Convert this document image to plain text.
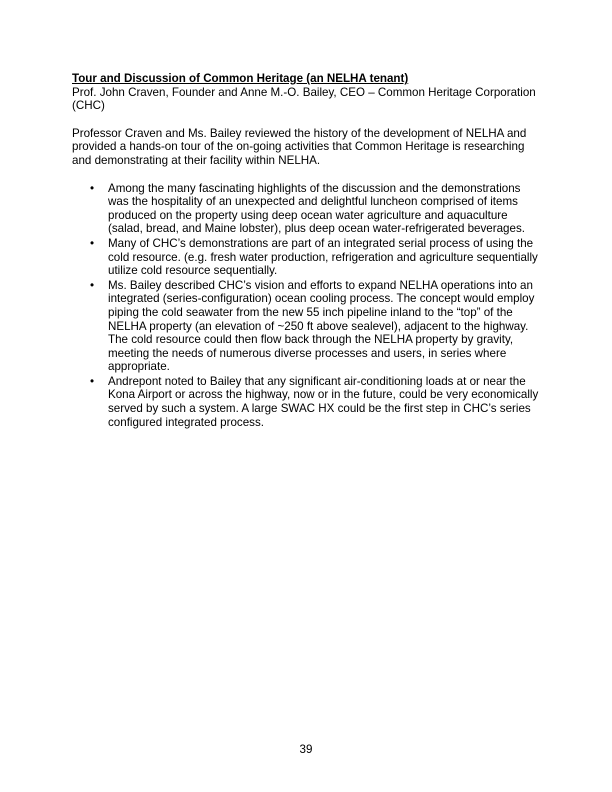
Tour and Discussion of Common Heritage (an NELHA tenant)

Prof. John Craven, Founder and Anne M.-O. Bailey, CEO – Common Heritage Corporation (CHC)

Professor Craven and Ms. Bailey reviewed the history of the development of NELHA and provided a hands-on tour of the on-going activities that Common Heritage is researching and demonstrating at their facility within NELHA.

• Among the many fascinating highlights of the discussion and the demonstrations was the hospitality of an unexpected and delightful luncheon comprised of items produced on the property using deep ocean water agriculture and aquaculture (salad, bread, and Maine lobster), plus deep ocean water-refrigerated beverages.
• Many of CHC’s demonstrations are part of an integrated serial process of using the cold resource. (e.g. fresh water production, refrigeration and agriculture sequentially utilize cold resource sequentially.
• Ms. Bailey described CHC’s vision and efforts to expand NELHA operations into an integrated (series-configuration) ocean cooling process. The concept would employ piping the cold seawater from the new 55 inch pipeline inland to the “top” of the NELHA property (an elevation of ~250 ft above sealevel), adjacent to the highway. The cold resource could then flow back through the NELHA property by gravity, meeting the needs of numerous diverse processes and users, in series where appropriate.
• Andrepont noted to Bailey that any significant air-conditioning loads at or near the Kona Airport or across the highway, now or in the future, could be very economically served by such a system. A large SWAC HX could be the first step in CHC’s series configured integrated process.
39
